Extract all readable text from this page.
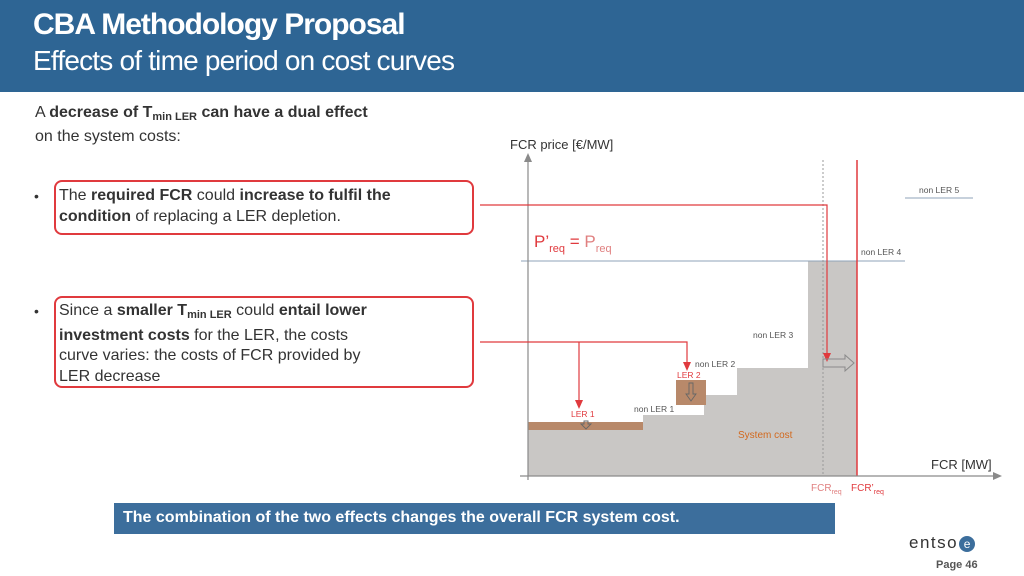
CBA Methodology Proposal
Effects of time period on cost curves
A decrease of $T_{min LER}$ can have a dual effect
on the system costs:
• The required FCR could increase to fulfil the
condition of replacing a LER depletion.
• Since a smaller $T_{min LER}$ could entail lower
investment costs for the LER, the costs
curve varies: the costs of FCR provided by
LER decrease
FCR price [€/MW]
FCR [MW]
$P’_{req} = P_{req}$
non LER 5
non LER 4
non LER 3
non LER 2
LER 2
non LER 1
LER 1
System cost
$FCR_{req}$ $FCR’_{req}$
The combination of the two effects changes the overall FCR system cost.
entso e
Page 46
